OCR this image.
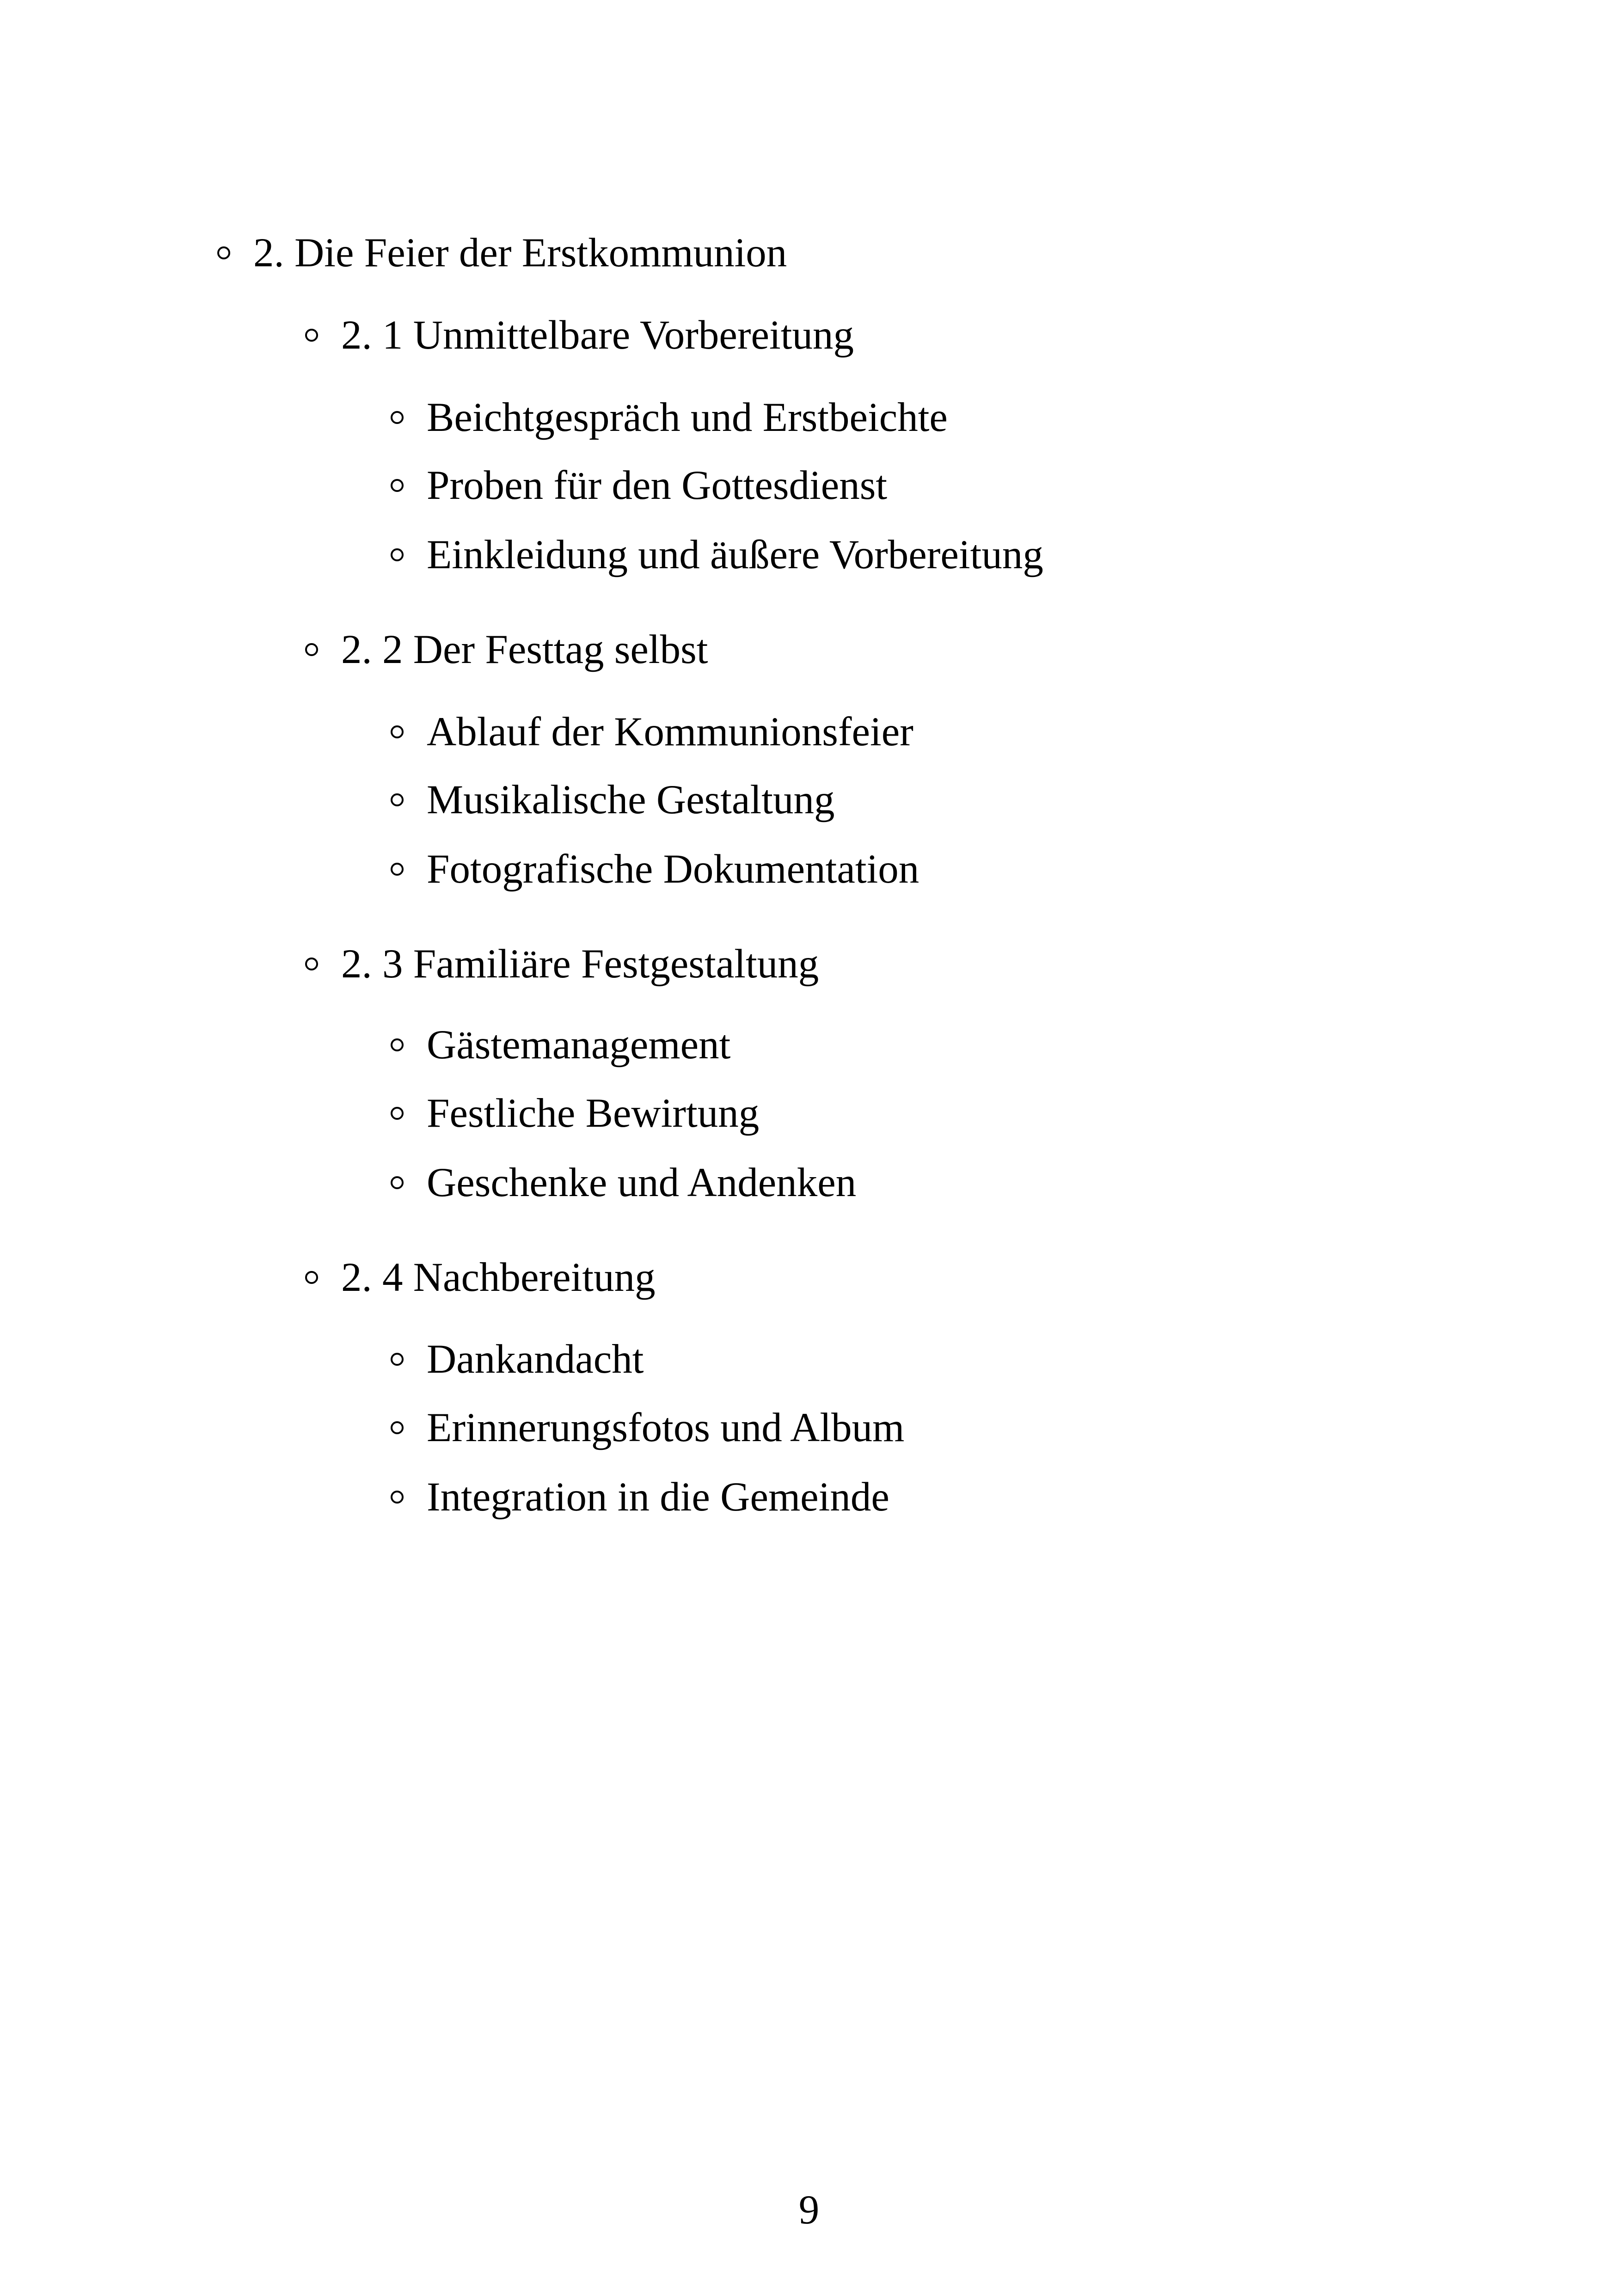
2. Die Feier der Erstkommunion
2. 1 Unmittelbare Vorbereitung
Beichtgespräch und Erstbeichte
Proben für den Gottesdienst
Einkleidung und äußere Vorbereitung
2. 2 Der Festtag selbst
Ablauf der Kommunionsfeier
Musikalische Gestaltung
Fotografische Dokumentation
2. 3 Familiäre Festgestaltung
Gästemanagement
Festliche Bewirtung
Geschenke und Andenken
2. 4 Nachbereitung
Dankandacht
Erinnerungsfotos und Album
Integration in die Gemeinde
9
